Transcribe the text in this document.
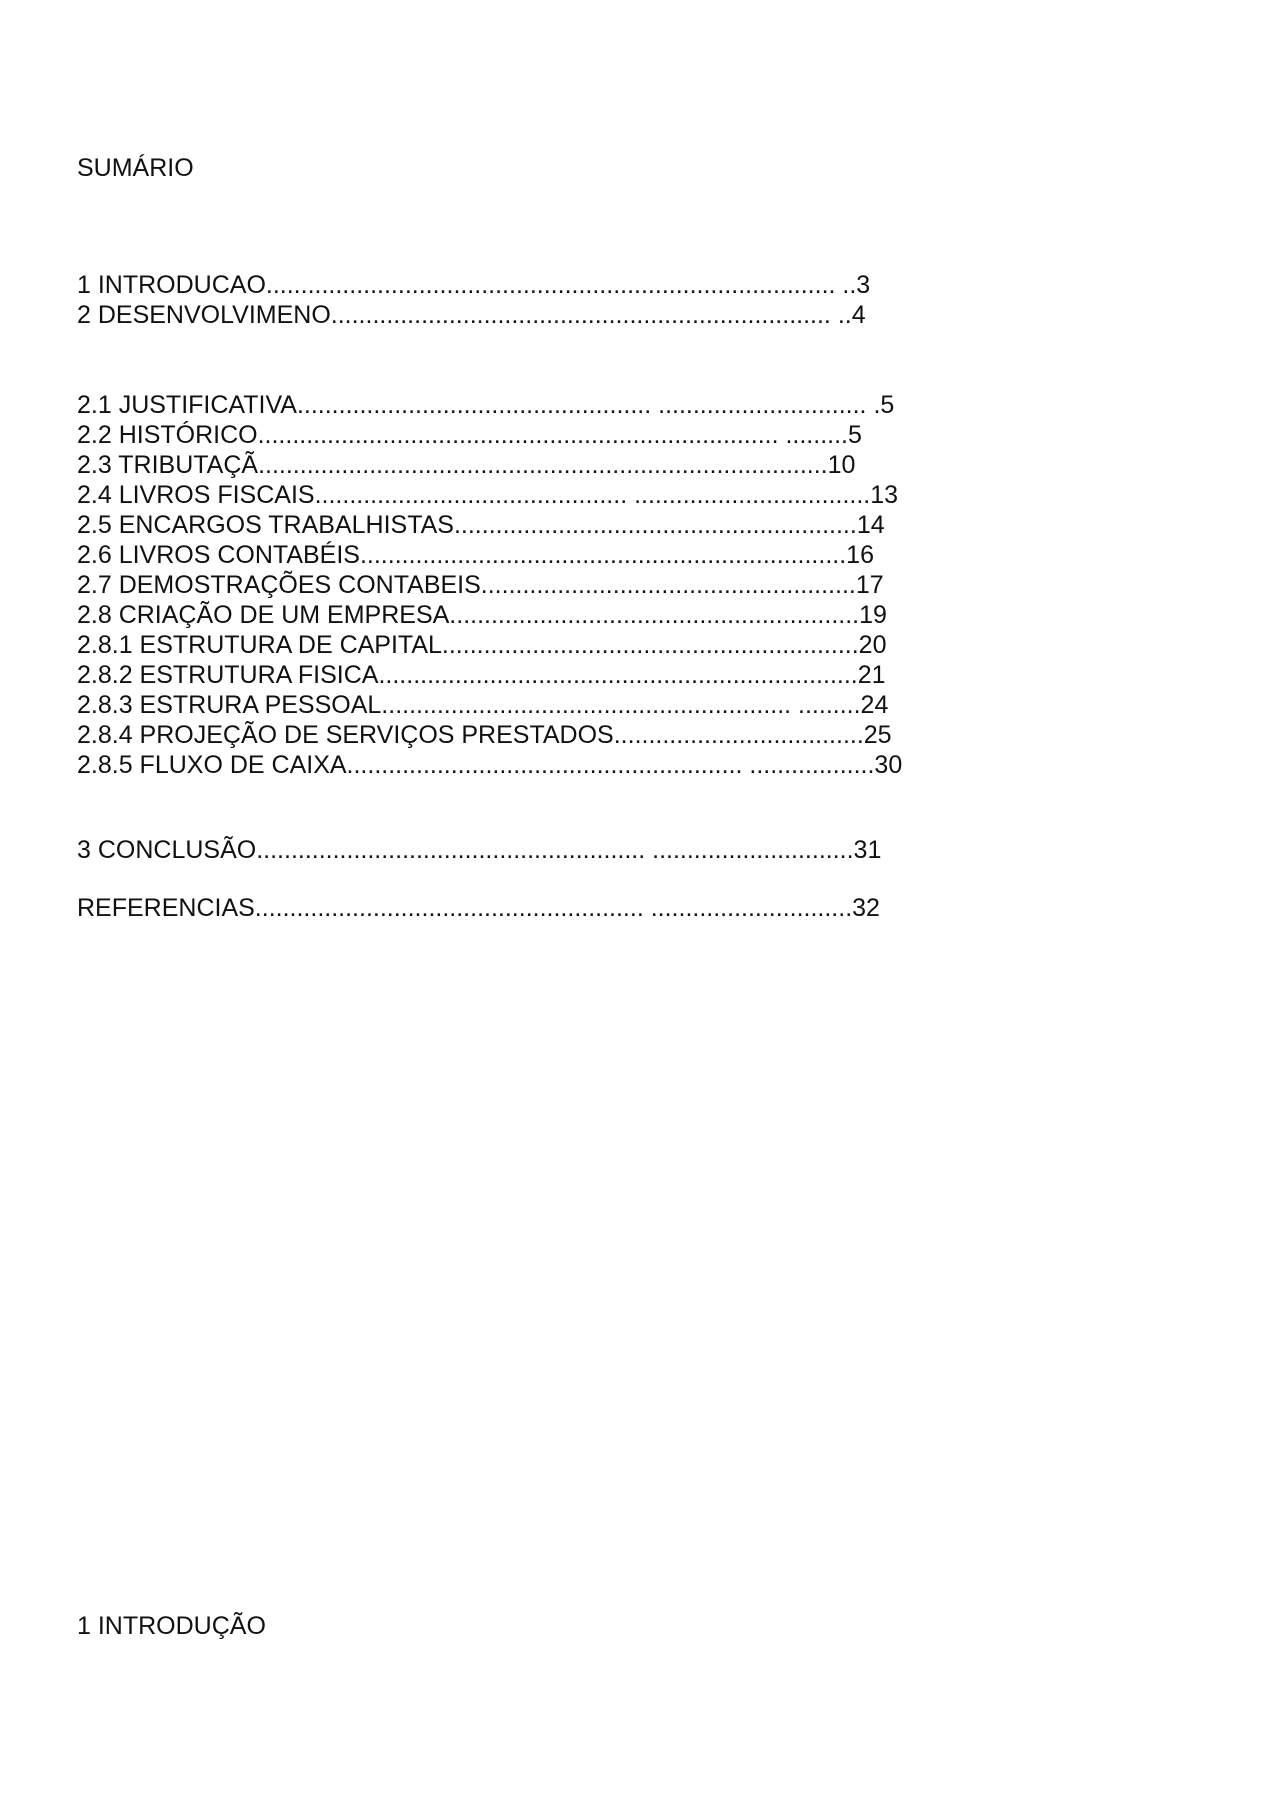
SUMÁRIO
1 INTRODUCAO.................................................................................. ..3
2 DESENVOLVIMENO........................................................................ ..4
2.1 JUSTIFICATIVA................................................... .............................. .5
2.2 HISTÓRICO........................................................................... .........5
2.3 TRIBUTAÇÃ..................................................................................10
2.4 LIVROS FISCAIS............................................. ..................................13
2.5 ENCARGOS TRABALHISTAS..........................................................14
2.6 LIVROS CONTABÉIS......................................................................16
2.7 DEMOSTRAÇÕES CONTABEIS......................................................17
2.8 CRIAÇÃO DE UM EMPRESA...........................................................19
2.8.1 ESTRUTURA DE CAPITAL............................................................20
2.8.2 ESTRUTURA FISICA.....................................................................21
2.8.3 ESTRURA PESSOAL........................................................... .........24
2.8.4 PROJEÇÃO DE SERVIÇOS PRESTADOS....................................25
2.8.5 FLUXO DE CAIXA......................................................... ..................30
3 CONCLUSÃO........................................................ .............................31
REFERENCIAS........................................................ .............................32
1 INTRODUÇÃO
